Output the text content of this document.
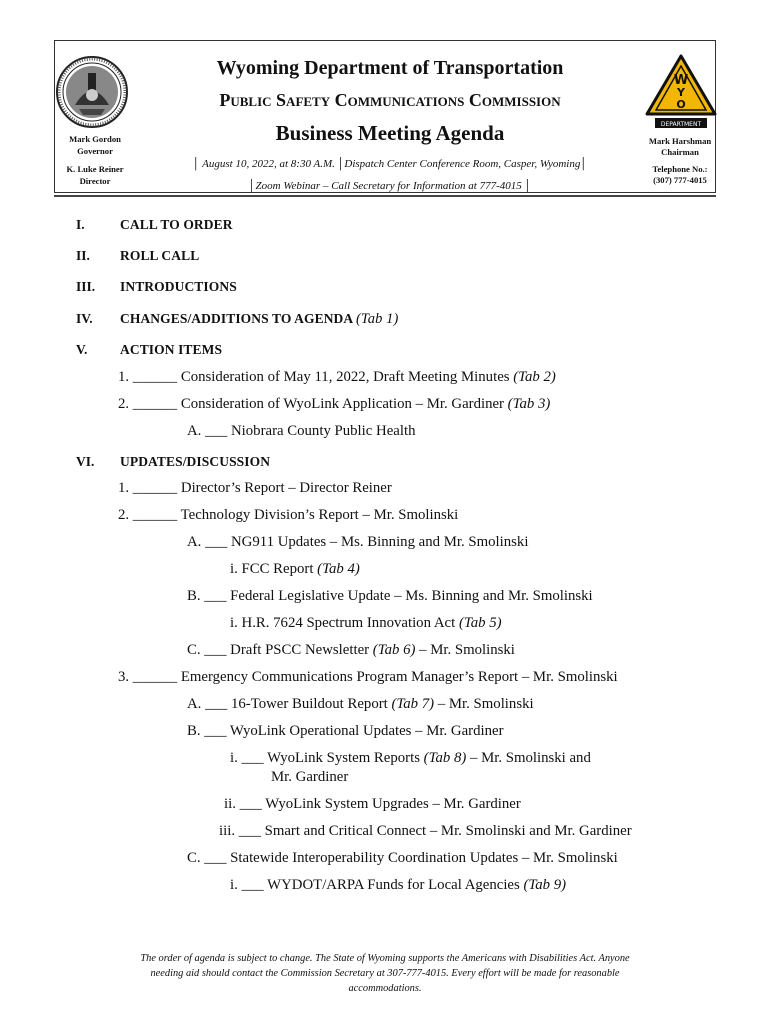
Mark Gordon
Governor
K. Luke Reiner
Director
W
Y
O
DEPARTMENT
Mark Harshman
Chairman
Telephone No.:
(307) 777-4015
Wyoming Department of Transportation
Public Safety Communications Commission
Business Meeting Agenda
│ August 10, 2022, at 8:30 A.M. │Dispatch Center Conference Room, Casper, Wyoming│
│Zoom Webinar – Call Secretary for Information at 777-4015 │
I.	CALL TO ORDER
II. ROLL CALL
III. INTRODUCTIONS
IV. CHANGES/ADDITIONS TO AGENDA (Tab 1)
V. ACTION ITEMS
1. ______ Consideration of May 11, 2022, Draft Meeting Minutes (Tab 2)
2. ______ Consideration of WyoLink Application – Mr. Gardiner (Tab 3)
A. ___ Niobrara County Public Health
VI. UPDATES/DISCUSSION
1. ______ Director’s Report – Director Reiner
2. ______ Technology Division’s Report – Mr. Smolinski
A. ___ NG911 Updates – Ms. Binning and Mr. Smolinski
i. FCC Report (Tab 4)
B. ___ Federal Legislative Update – Ms. Binning and Mr. Smolinski
i. H.R. 7624 Spectrum Innovation Act (Tab 5)
C. ___ Draft PSCC Newsletter (Tab 6) – Mr. Smolinski
3. ______ Emergency Communications Program Manager’s Report – Mr. Smolinski
A. ___ 16-Tower Buildout Report (Tab 7) – Mr. Smolinski
B. ___ WyoLink Operational Updates – Mr. Gardiner
i. ___ WyoLink System Reports (Tab 8) – Mr. Smolinski and
Mr. Gardiner
ii. ___ WyoLink System Upgrades – Mr. Gardiner
iii. ___ Smart and Critical Connect – Mr. Smolinski and Mr. Gardiner
C. ___ Statewide Interoperability Coordination Updates – Mr. Smolinski
i. ___ WYDOT/ARPA Funds for Local Agencies (Tab 9)
The order of agenda is subject to change. The State of Wyoming supports the Americans with Disabilities Act. Anyone
needing aid should contact the Commission Secretary at 307-777-4015. Every effort will be made for reasonable
accommodations.
